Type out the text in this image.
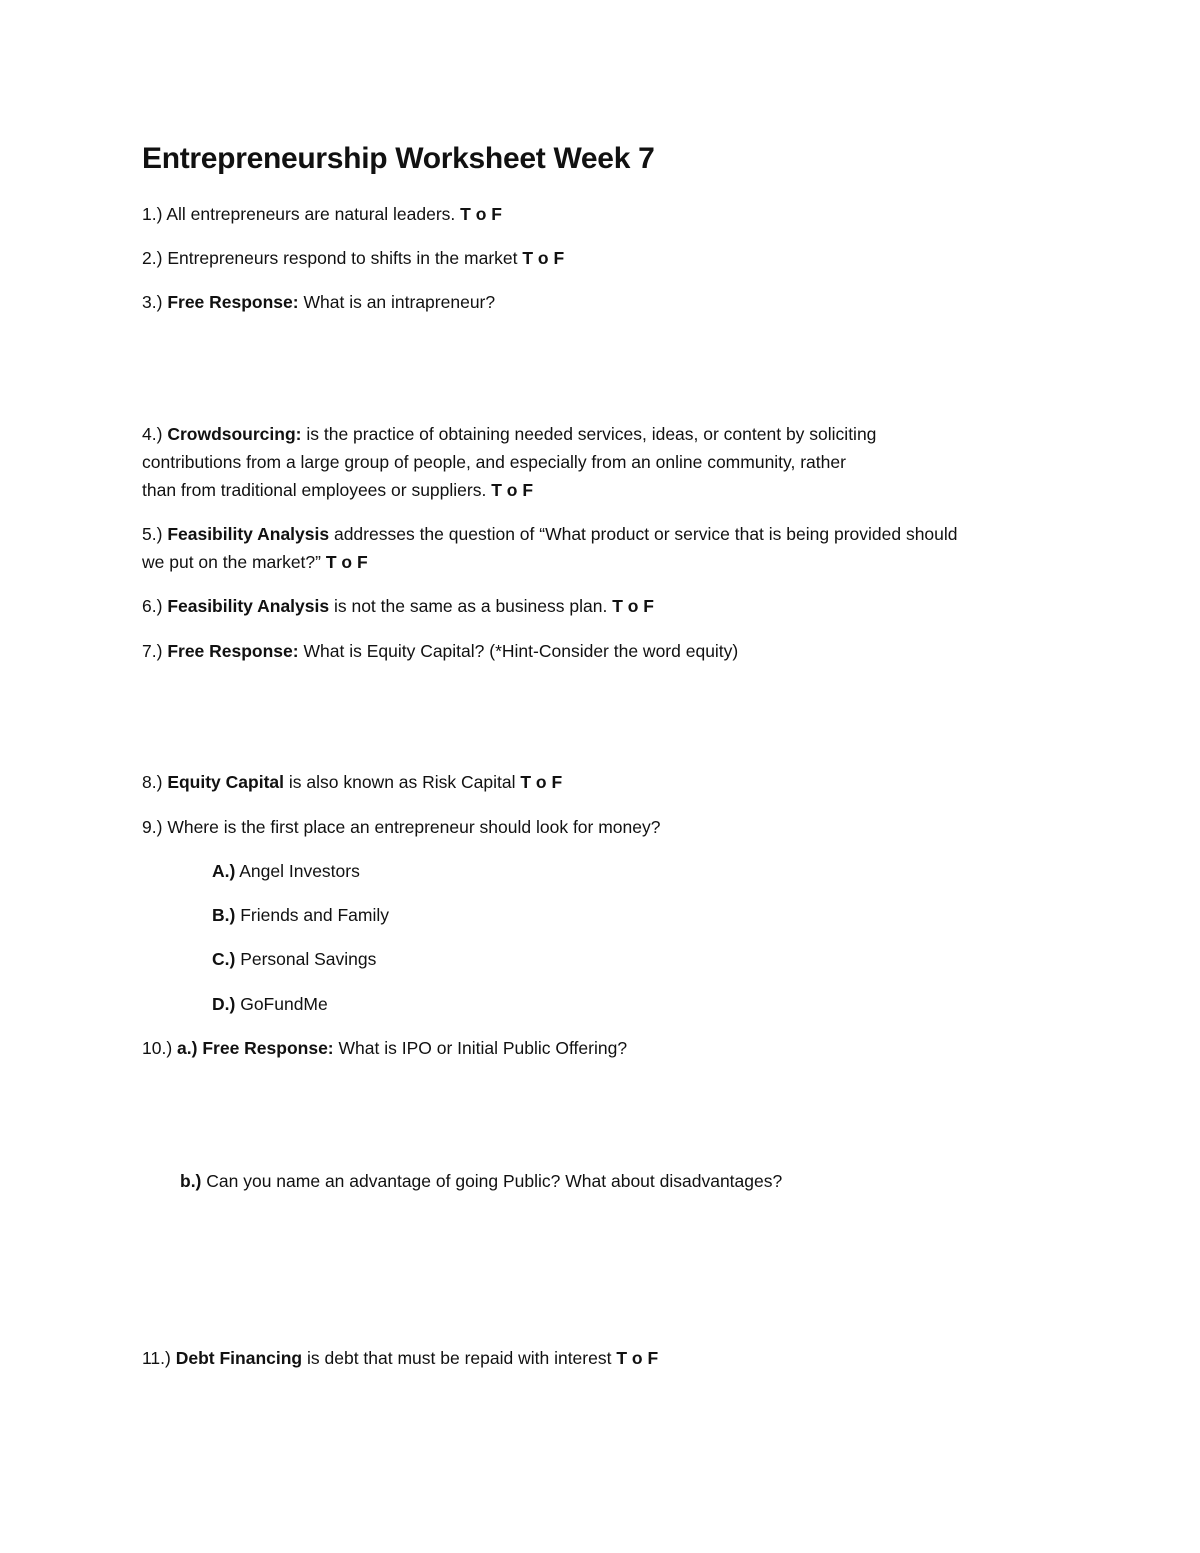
Entrepreneurship Worksheet Week 7
1.) All entrepreneurs are natural leaders. T o F
2.) Entrepreneurs respond to shifts in the market T o F
3.) Free Response: What is an intrapreneur?
4.) Crowdsourcing: is the practice of obtaining needed services, ideas, or content by soliciting
contributions from a large group of people, and especially from an online community, rather
than from traditional employees or suppliers. T o F
5.) Feasibility Analysis addresses the question of “What product or service that is being provided should
we put on the market?” T o F
6.) Feasibility Analysis is not the same as a business plan. T o F
7.) Free Response: What is Equity Capital? (*Hint-Consider the word equity)
8.) Equity Capital is also known as Risk Capital T o F
9.) Where is the first place an entrepreneur should look for money?
A.) Angel Investors
B.) Friends and Family
C.) Personal Savings
D.) GoFundMe
10.) a.) Free Response: What is IPO or Initial Public Offering?
b.) Can you name an advantage of going Public? What about disadvantages?
11.) Debt Financing is debt that must be repaid with interest T o F
